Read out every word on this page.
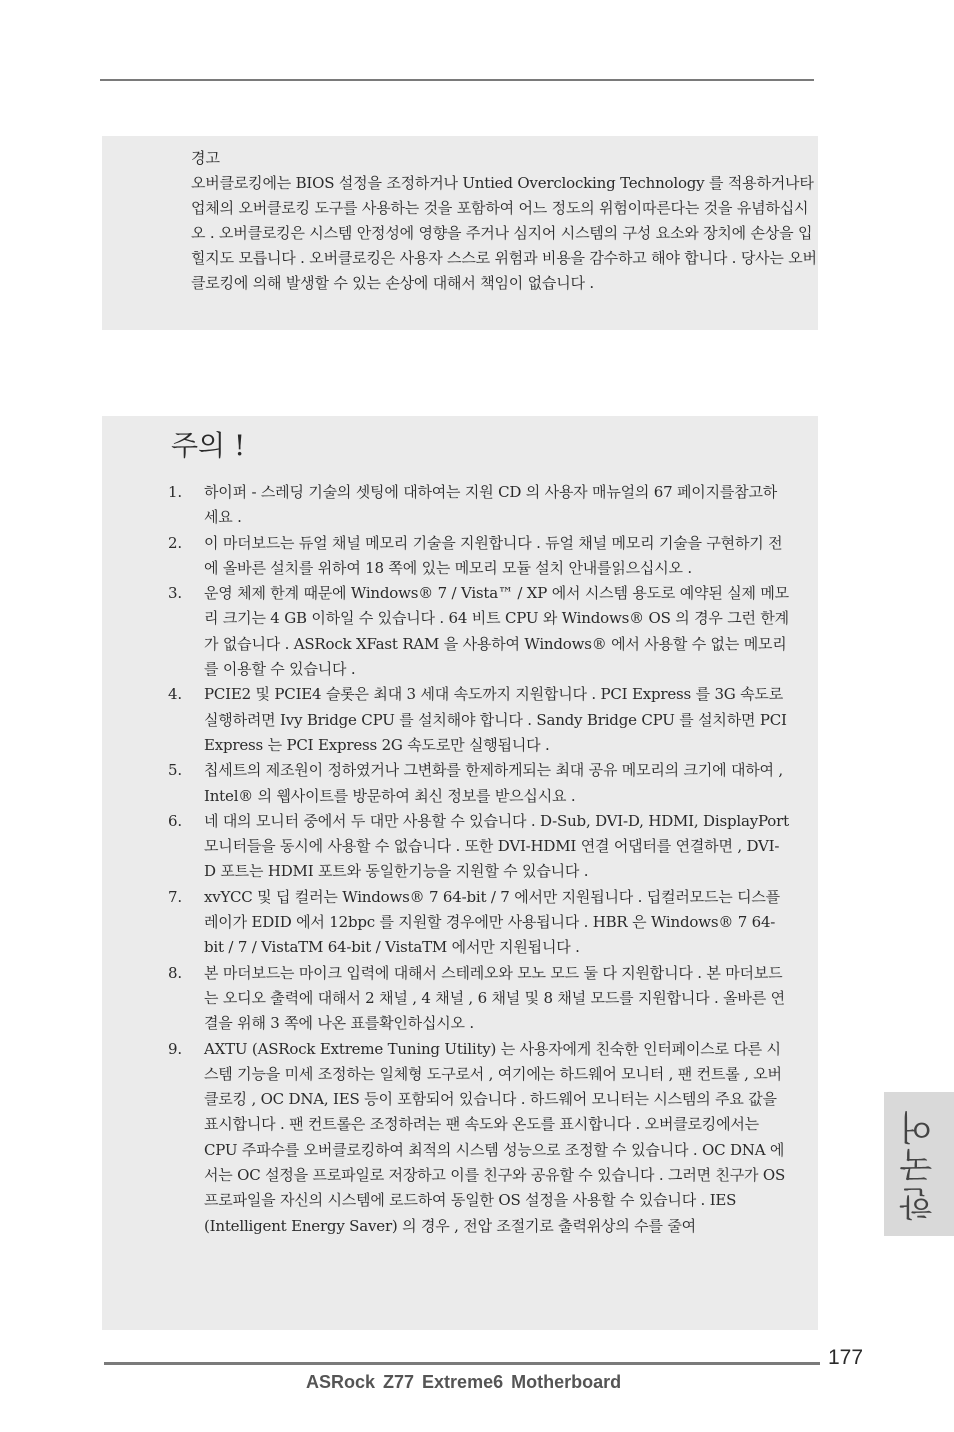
경고
오버클로킹에는 BIOS 설정을 조정하거나 Untied Overclocking Technology 를 적용하거나타업체의 오버클로킹 도구를 사용하는 것을 포함하여 어느 정도의 위험이따른다는 것을 유념하십시오 . 오버클로킹은 시스템 안정성에 영향을 주거나 심지어 시스템의 구성 요소와 장치에 손상을 입힐지도 모릅니다 . 오버클로킹은 사용자 스스로 위험과 비용을 감수하고 해야 합니다 . 당사는 오버클로킹에 의해 발생할 수 있는 손상에 대해서 책임이 없습니다 .
주의 !
1. 하이퍼 - 스레딩 기술의 셋팅에 대하여는 지원 CD 의 사용자 매뉴얼의 67 페이지를참고하세요 .
2. 이 마더보드는 듀얼 채널 메모리 기술을 지원합니다 . 듀얼 채널 메모리 기술을 구현하기 전에 올바른 설치를 위하여 18 쪽에 있는 메모리 모듈 설치 안내를읽으십시오 .
3. 운영 체제 한계 때문에 Windows® 7 / Vista™ / XP 에서 시스템 용도로 예약된 실제 메모리 크기는 4 GB 이하일 수 있습니다 . 64 비트 CPU 와 Windows® OS 의 경우 그런 한계가 없습니다 . ASRock XFast RAM 을 사용하여 Windows® 에서 사용할 수 없는 메모리를 이용할 수 있습니다 .
4. PCIE2 및 PCIE4 슬롯은 최대 3 세대 속도까지 지원합니다 . PCI Express 를 3G 속도로 실행하려면 Ivy Bridge CPU 를 설치해야 합니다 . Sandy Bridge CPU 를 설치하면 PCI Express 는 PCI Express 2G 속도로만 실행됩니다 .
5. 칩세트의 제조원이 정하였거나 그변화를 한제하게되는 최대 공유 메모리의 크기에 대하여 , Intel® 의 웹사이트를 방문하여 최신 정보를 받으십시요 .
6. 네 대의 모니터 중에서 두 대만 사용할 수 있습니다 . D-Sub, DVI-D, HDMI, DisplayPort 모니터들을 동시에 사용할 수 없습니다 . 또한 DVI-HDMI 연결 어댑터를 연결하면 , DVI-D 포트는 HDMI 포트와 동일한기능을 지원할 수 있습니다 .
7. xvYCC 및 딥 컬러는 Windows® 7 64-bit / 7 에서만 지원됩니다 . 딥컬러모드는 디스플레이가 EDID 에서 12bpc 를 지원할 경우에만 사용됩니다 . HBR 은 Windows® 7 64-bit / 7 / VistaTM 64-bit / VistaTM 에서만 지원됩니다 .
8. 본 마더보드는 마이크 입력에 대해서 스테레오와 모노 모드 둘 다 지원합니다 . 본 마더보드는 오디오 출력에 대해서 2 채널 , 4 채널 , 6 채널 및 8 채널 모드를 지원합니다 . 올바른 연결을 위해 3 쪽에 나온 표를확인하십시오 .
9. AXTU (ASRock Extreme Tuning Utility) 는 사용자에게 친숙한 인터페이스로 다른 시스템 기능을 미세 조정하는 일체형 도구로서 , 여기에는 하드웨어 모니터 , 팬 컨트롤 , 오버클로킹 , OC DNA, IES 등이 포함되어 있습니다 . 하드웨어 모니터는 시스템의 주요 값을 표시합니다 . 팬 컨트롤은 조정하려는 팬 속도와 온도를 표시합니다 . 오버클로킹에서는 CPU 주파수를 오버클로킹하여 최적의 시스템 성능으로 조정할 수 있습니다 . OC DNA 에서는 OC 설정을 프로파일로 저장하고 이를 친구와 공유할 수 있습니다 . 그러면 친구가 OS 프로파일을 자신의 시스템에 로드하여 동일한 OS 설정을 사용할 수 있습니다 . IES (Intelligent Energy Saver) 의 경우 , 전압 조절기로 출력위상의 수를 줄여
한국어
177
ASRock Z77 Extreme6 Motherboard
